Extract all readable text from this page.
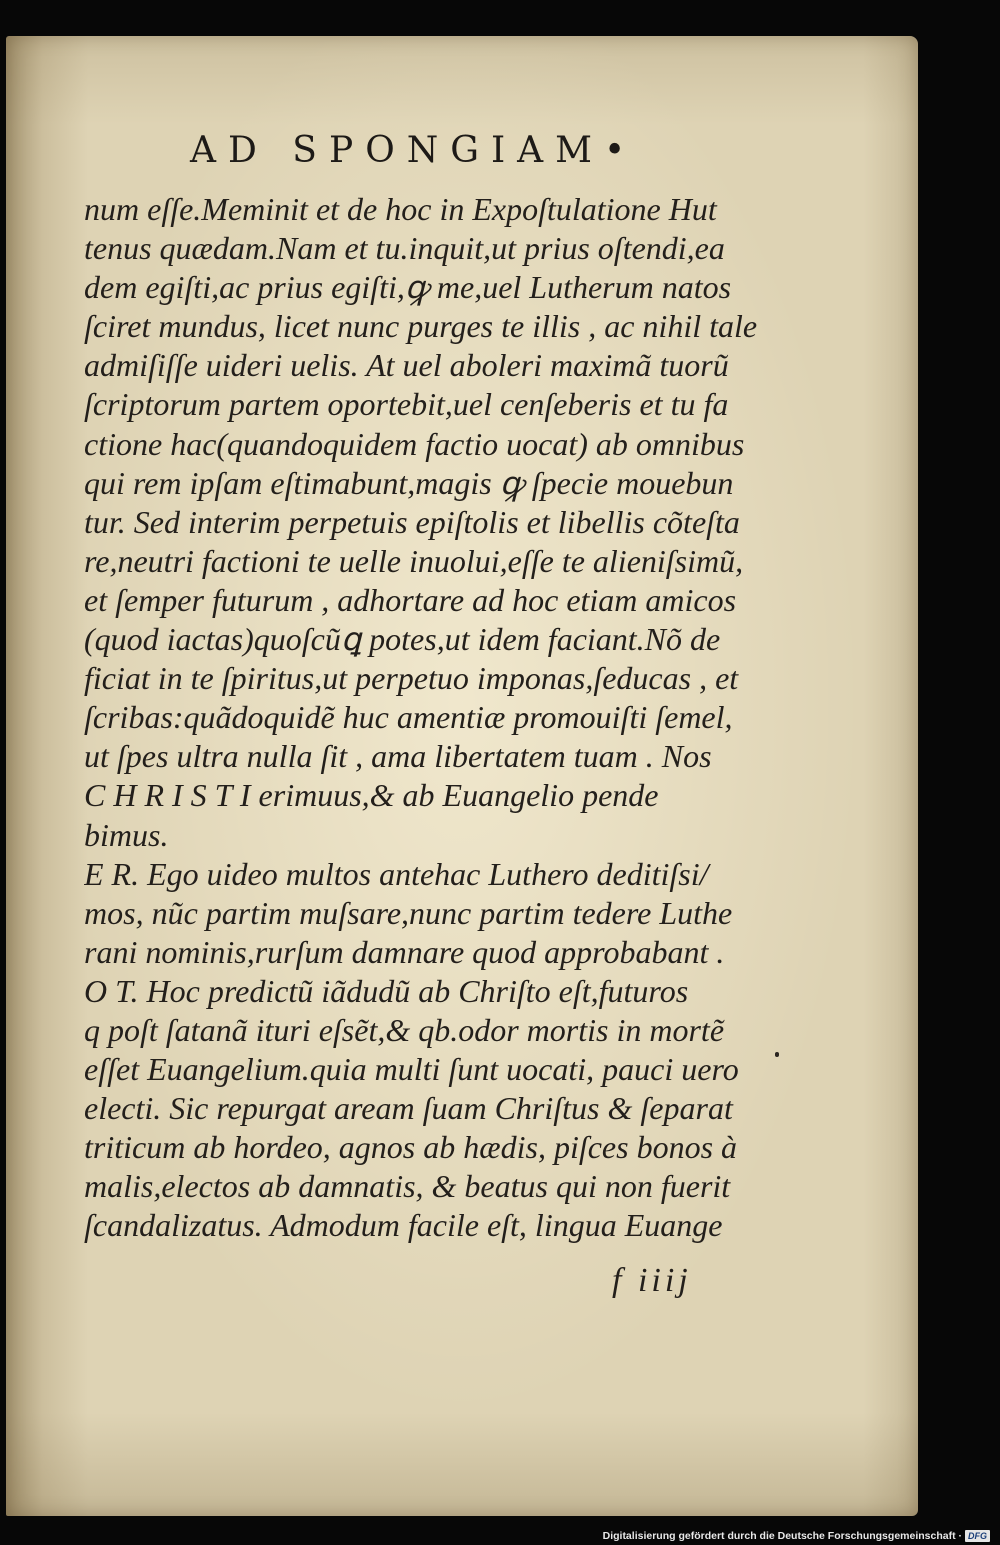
AD SPONGIAM•
num eſſe.Meminit et de hoc in Expoſtulatione Hut
tenus quædam.Nam et tu.inquit,ut prius oſtendi,ea
dem egiſti,ac prius egiſti,ꝙ me,uel Lutherum natos
ſciret mundus, licet nunc purges te illis , ac nihil tale
admiſiſſe uideri uelis. At uel aboleri maximã tuorũ
ſcriptorum partem oportebit,uel cenſeberis et tu fa
ctione hac(quandoquidem factio uocat) ab omnibus
qui rem ipſam eſtimabunt,magis ꝙ ſpecie mouebun
tur. Sed interim perpetuis epiſtolis et libellis cõteſta
re,neutri factioni te uelle inuolui,eſſe te alieniſsimũ,
et ſemper futurum , adhortare ad hoc etiam amicos
(quod iactas)quoſcũꝗ potes,ut idem faciant.Nõ de
ficiat in te ſpiritus,ut perpetuo imponas,ſeducas , et
ſcribas:quãdoquidẽ huc amentiæ promouiſti ſemel,
ut ſpes ultra nulla ſit , ama libertatem tuam . Nos
C H R I S T I erimuus,& ab Euangelio pende
bimus.
E R. Ego uideo multos antehac Luthero deditiſsi/
mos, nũc partim muſsare,nunc partim tedere Luthe
rani nominis,rurſum damnare quod approbabant .
O T. Hoc predictũ iãdudũ ab Chriſto eſt,futuros
q poſt ſatanã ituri eſsẽt,& qb.odor mortis in mortẽ
eſſet Euangelium.quia multi ſunt uocati, pauci uero
electi. Sic repurgat aream ſuam Chriſtus & ſeparat
triticum ab hordeo, agnos ab hædis, piſces bonos à
malis,electos ab damnatis, & beatus qui non fuerit
ſcandalizatus. Admodum facile eſt, lingua Euange
f iiij
Digitalisierung gefördert durch die Deutsche Forschungsgemeinschaft · DFG
